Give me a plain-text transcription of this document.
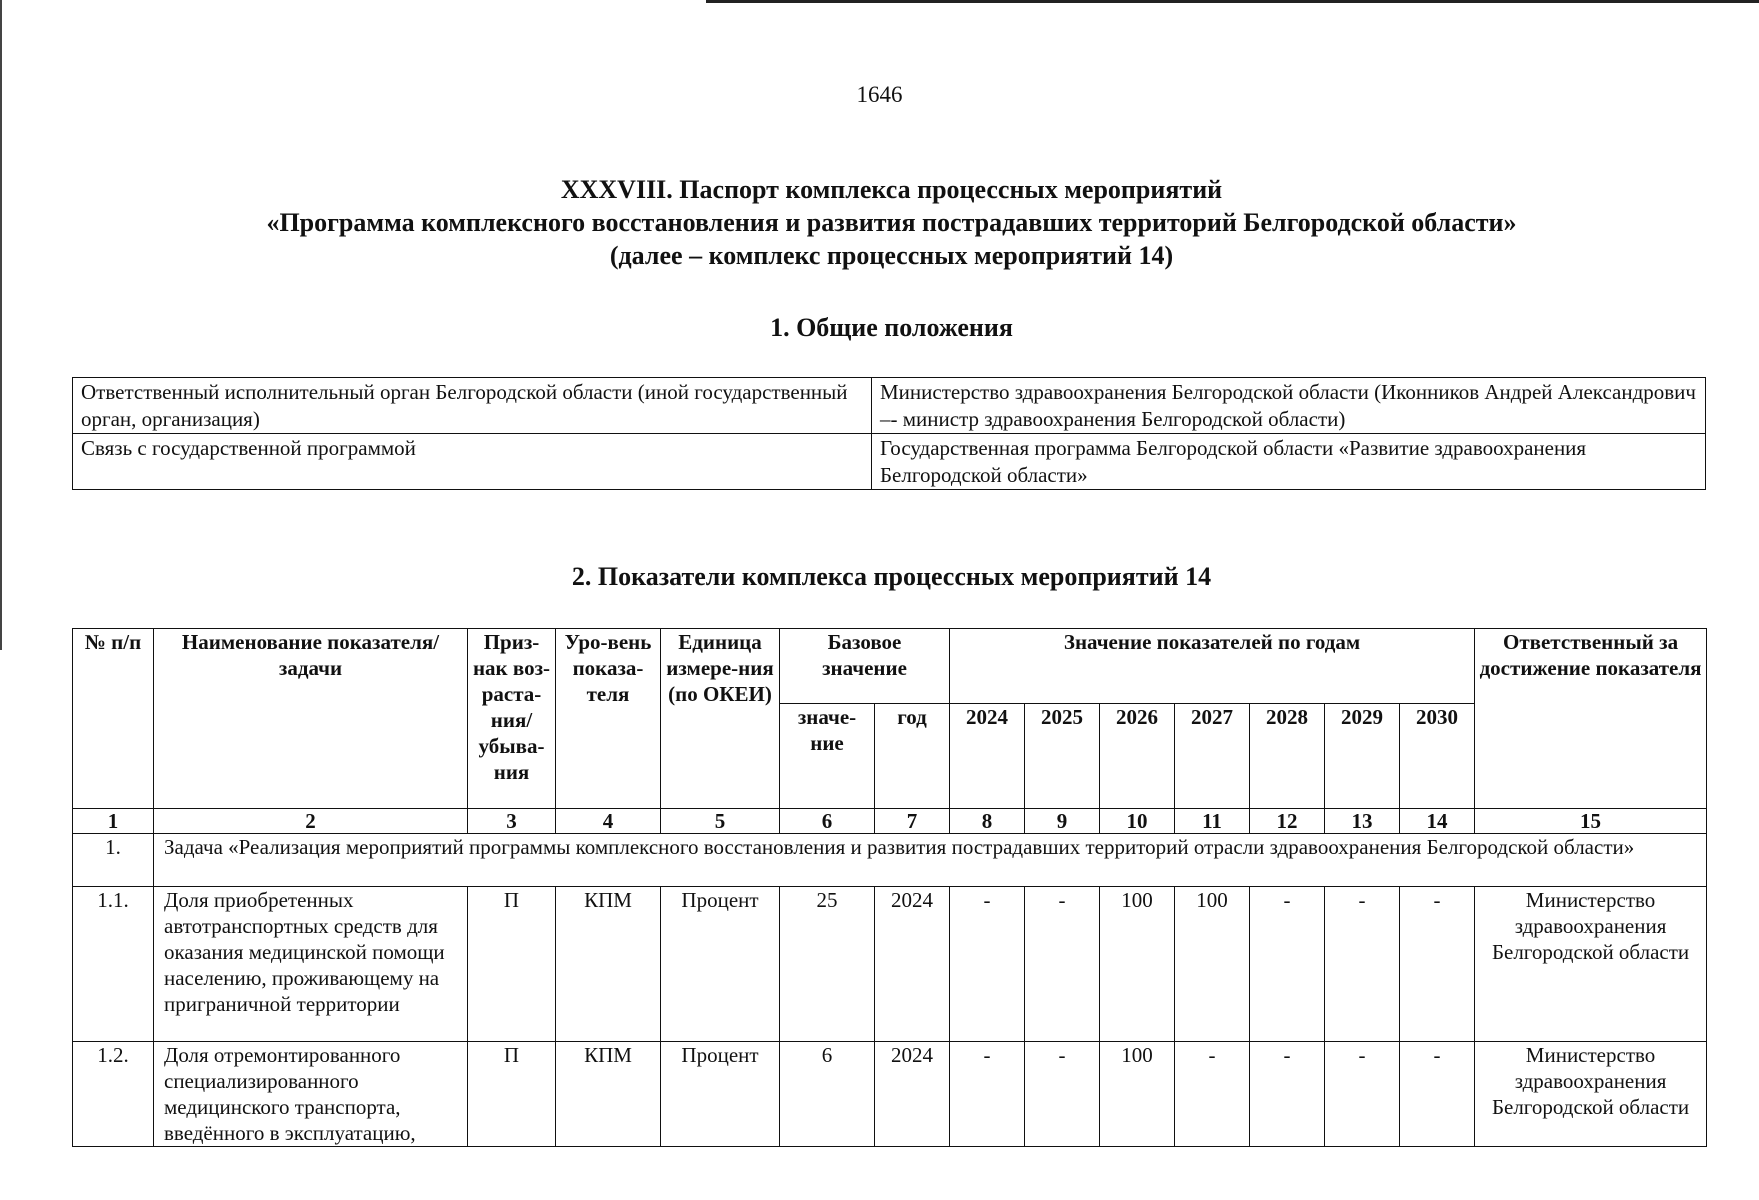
1646
XXXVIII. Паспорт комплекса процессных мероприятий
«Программа комплексного восстановления и развития пострадавших территорий Белгородской области»
(далее – комплекс процессных мероприятий 14)
1. Общие положения
Ответственный исполнительный орган Белгородской области (иной государственный орган, организация)	Министерство здравоохранения Белгородской области (Иконников Андрей Александрович –- министр здравоохранения Белгородской области)
Связь с государственной программой	Государственная программа Белгородской области «Развитие здравоохранения Белгородской области»
2. Показатели комплекса процессных мероприятий 14
№ п/п	Наименование показателя/ задачи	Приз-нак воз-раста-ния/ убыва-ния	Уро-вень показа-теля	Единица измере-ния (по ОКЕИ)	Базовое значение		Значение показателей по годам							Ответственный за достижение показателя
					значе-ние	год	2024	2025	2026	2027	2028	2029	2030	
1	2	3	4	5	6	7	8	9	10	11	12	13	14	15
1.	Задача «Реализация мероприятий программы комплексного восстановления и развития пострадавших территорий отрасли здравоохранения Белгородской области»													
1.1.	Доля приобретенных автотранспортных средств для оказания медицинской помощи населению, проживающему на приграничной территории	П	КПМ	Процент	25	2024	-	-	100	100	-	-	-	Министерство здравоохранения Белгородской области
1.2.	Доля отремонтированного специализированного медицинского транспорта, введённого в эксплуатацию,	П	КПМ	Процент	6	2024	-	-	100	-	-	-	-	Министерство здравоохранения Белгородской области
